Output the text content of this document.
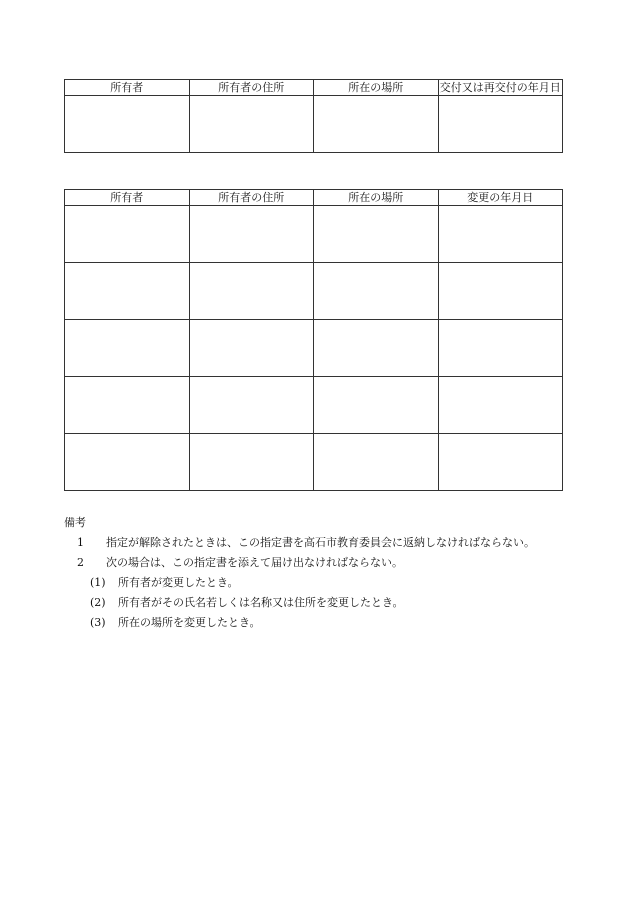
所有者	所有者の住所	所在の場所	交付又は再交付の年月日

所有者	所有者の住所	所在の場所	変更の年月日

備考
1 指定が解除されたときは、この指定書を高石市教育委員会に返納しなければならない。
2 次の場合は、この指定書を添えて届け出なければならない。
(1) 所有者が変更したとき。
(2) 所有者がその氏名若しくは名称又は住所を変更したとき。
(3) 所在の場所を変更したとき。
